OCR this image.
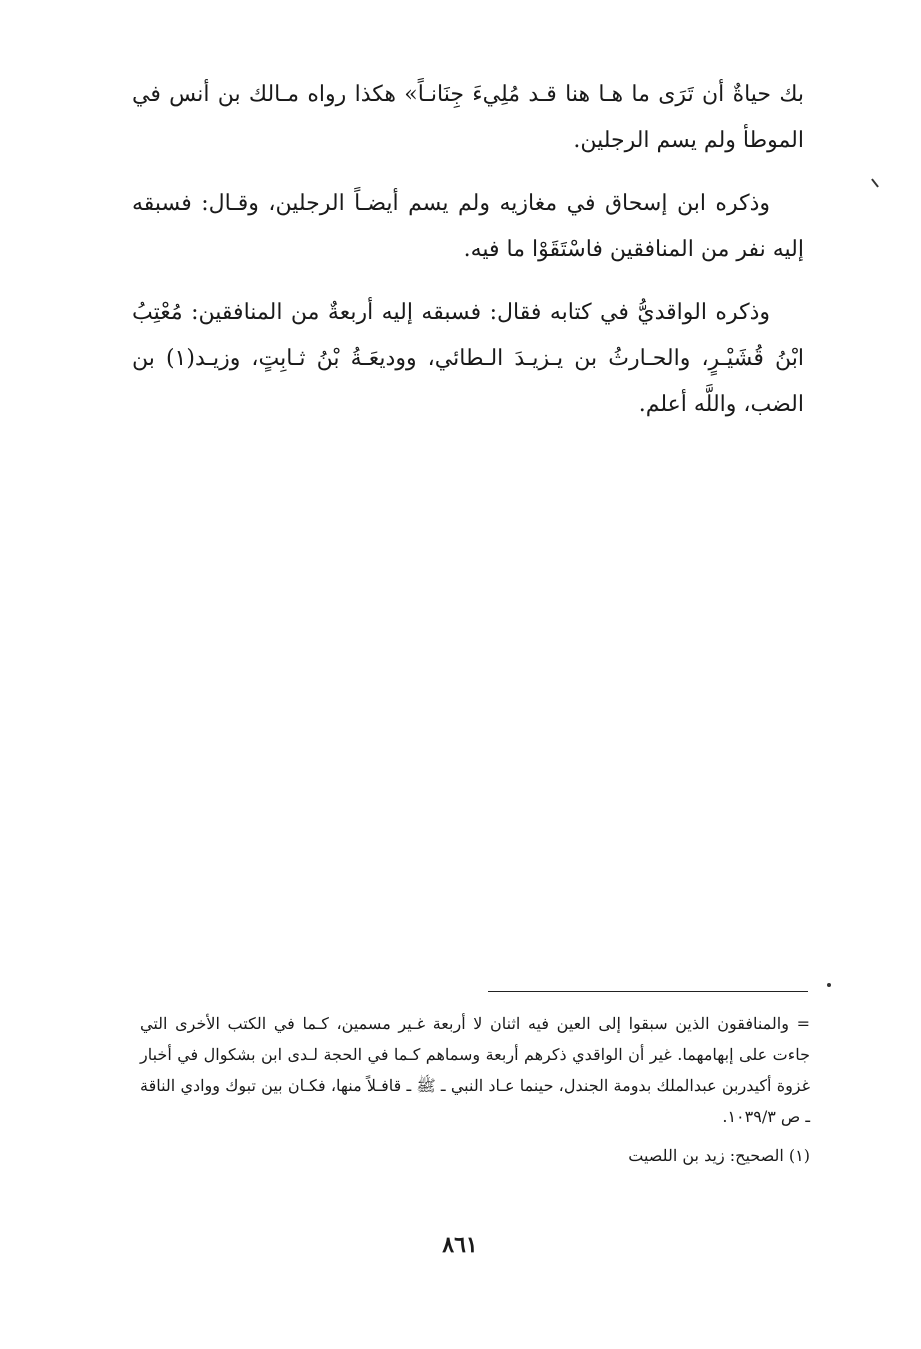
بك حياةٌ أن تَرَى ما هـا هنا قـد مُلِيءَ جِنَانـاً» هكذا رواه مـالك بن أنس في الموطأ ولم يسم الرجلين.

وذكره ابن إسحاق في مغازيه ولم يسم أيضـاً الرجلين، وقـال: فسبقه إليه نفر من المنافقين فاسْتَقَوْا ما فيه.

وذكره الواقديُّ في كتابه فقال: فسبقه إليه أربعةٌ من المنافقين: مُعْتِبُ ابْنُ قُشَيْـرٍ، والحـارثُ بن يـزيـدَ الـطائي، ووديعَـةُ بْنُ ثـابِتٍ، وزيـد(١) بن الضب، واللَّه أعلم.

= والمنافقون الذين سبقوا إلى العين فيه اثنان لا أربعة غـير مسمين، كـما في الكتب الأخرى التي جاءت على إبهامهما. غير أن الواقدي ذكرهم أربعة وسماهم كـما في الحجة لـدى ابن بشكوال في أخبار غزوة أكيدربن عبدالملك بدومة الجندل، حينما عـاد النبي ـ ﷺ ـ قافـلاً منها، فكـان بين تبوك ووادي الناقة ـ ص ١٠٣٩/٣.

(١) الصحيح: زيد بن اللصيت

٨٦١
